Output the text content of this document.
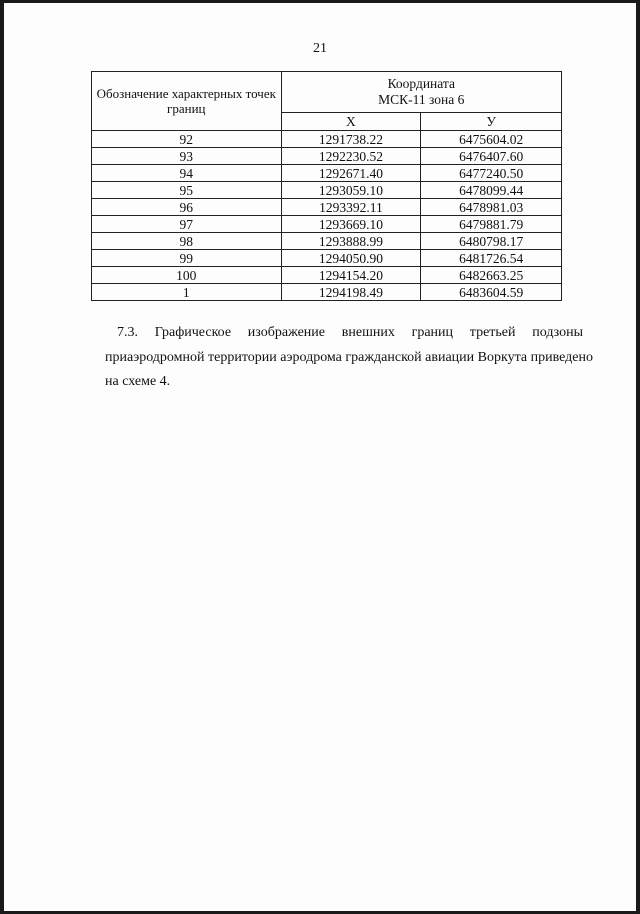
21
Обозначение характерных точек границ	Координата
МСК-11 зона 6	
	Х	У
92	1291738.22	6475604.02
93	1292230.52	6476407.60
94	1292671.40	6477240.50
95	1293059.10	6478099.44
96	1293392.11	6478981.03
97	1293669.10	6479881.79
98	1293888.99	6480798.17
99	1294050.90	6481726.54
100	1294154.20	6482663.25
1	1294198.49	6483604.59
7.3. Графическое изображение внешних границ третьей подзоны
приаэродромной территории аэродрома гражданской авиации Воркута приведено
на схеме 4.
